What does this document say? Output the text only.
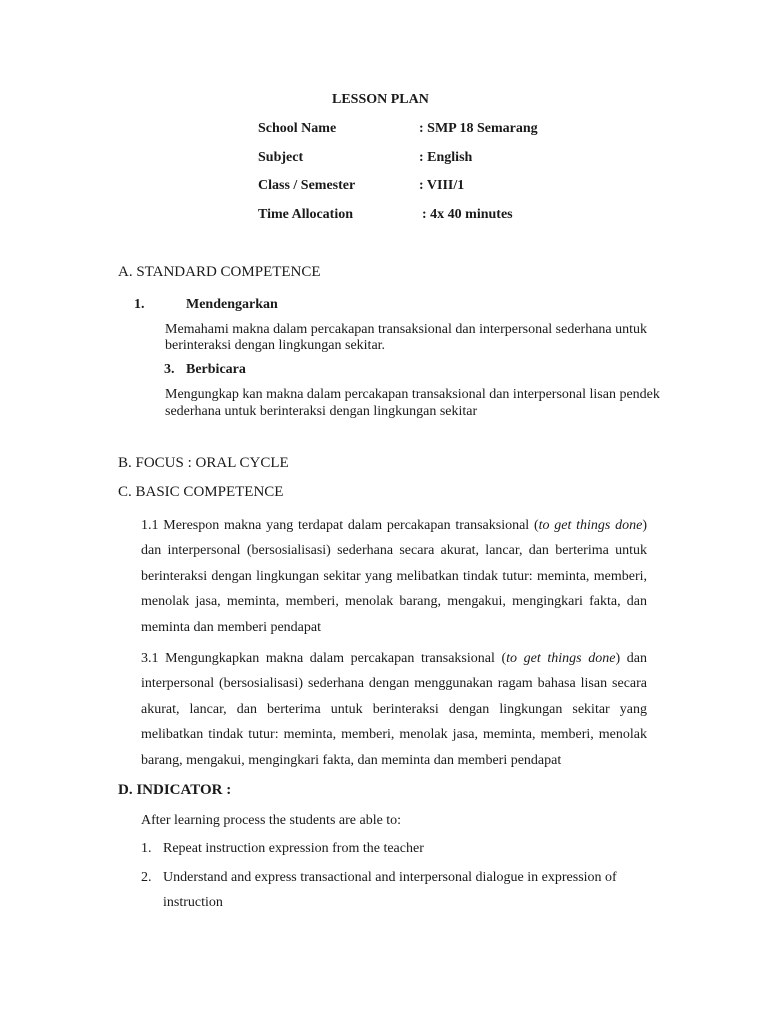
LESSON PLAN
School Name	: SMP 18 Semarang
Subject	: English
Class / Semester	: VIII/1
Time Allocation	: 4x 40 minutes
A. STANDARD COMPETENCE
1.	Mendengarkan
Memahami makna dalam percakapan transaksional dan interpersonal sederhana untuk berinteraksi dengan lingkungan sekitar.
3. Berbicara
Mengungkap kan makna dalam percakapan transaksional dan interpersonal lisan pendek sederhana untuk berinteraksi dengan lingkungan sekitar
B. FOCUS : ORAL CYCLE
C. BASIC COMPETENCE
1.1 Merespon makna yang terdapat dalam percakapan transaksional (to get things done) dan interpersonal (bersosialisasi) sederhana secara akurat, lancar, dan berterima untuk berinteraksi dengan lingkungan sekitar yang melibatkan tindak tutur: meminta, memberi, menolak jasa, meminta, memberi, menolak barang, mengakui, mengingkari fakta, dan meminta dan memberi pendapat
3.1 Mengungkapkan makna dalam percakapan transaksional (to get things done) dan interpersonal (bersosialisasi) sederhana dengan menggunakan ragam bahasa lisan secara akurat, lancar, dan berterima untuk berinteraksi dengan lingkungan sekitar yang melibatkan tindak tutur: meminta, memberi, menolak jasa, meminta, memberi, menolak barang, mengakui, mengingkari fakta, dan meminta dan memberi pendapat
D. INDICATOR :
After learning process the students are able to:
1. Repeat instruction expression from the teacher
2. Understand and express transactional and interpersonal dialogue in expression of
instruction
